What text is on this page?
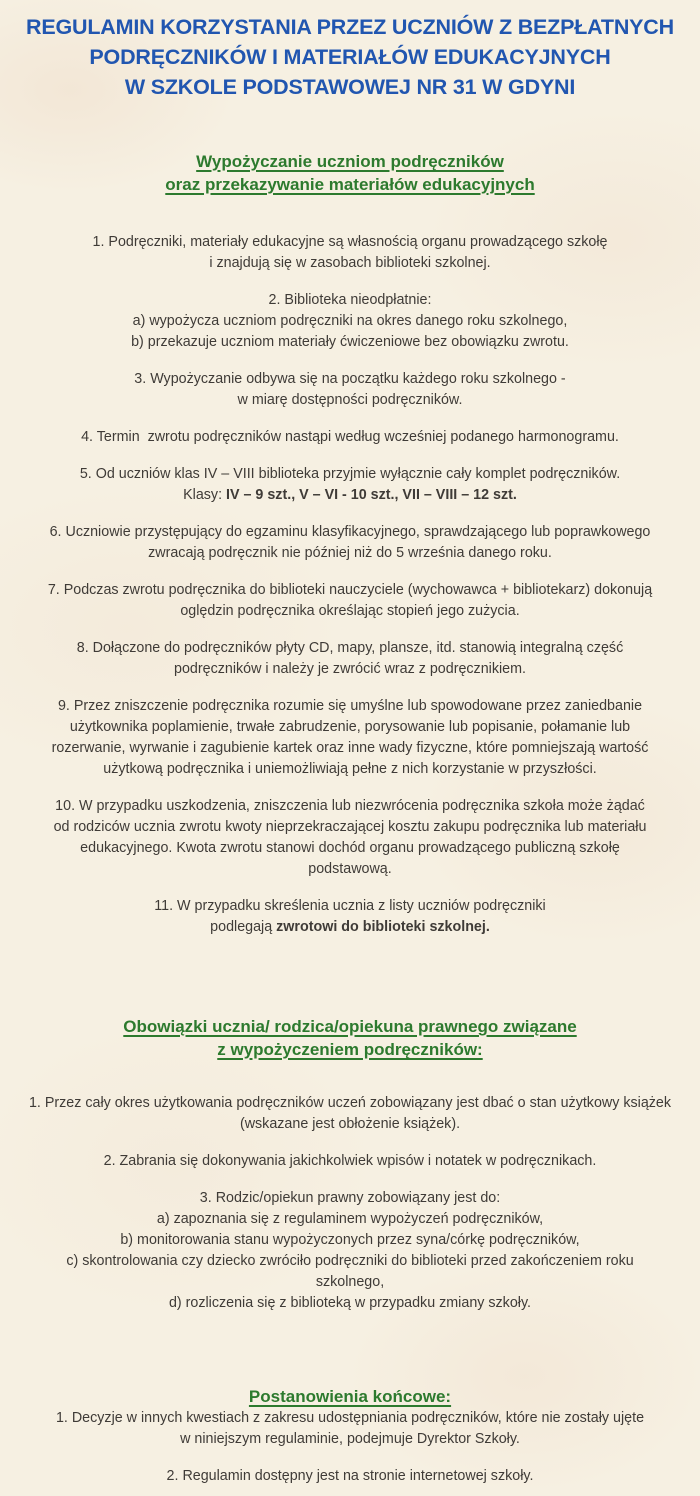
REGULAMIN KORZYSTANIA PRZEZ UCZNIÓW Z BEZPŁATNYCH
PODRĘCZNIKÓW I MATERIAŁÓW EDUKACYJNYCH
W SZKOLE PODSTAWOWEJ NR 31 W GDYNI
Wypożyczanie uczniom podręczników
oraz przekazywanie materiałów edukacyjnych

1. Podręczniki, materiały edukacyjne są własnością organu prowadzącego szkołę
i znajdują się w zasobach biblioteki szkolnej.

2. Biblioteka nieodpłatnie:
a) wypożycza uczniom podręczniki na okres danego roku szkolnego,
b) przekazuje uczniom materiały ćwiczeniowe bez obowiązku zwrotu.

3. Wypożyczanie odbywa się na początku każdego roku szkolnego -
w miarę dostępności podręczników.

4. Termin  zwrotu podręczników nastąpi według wcześniej podanego harmonogramu.

5. Od uczniów klas IV – VIII biblioteka przyjmie wyłącznie cały komplet podręczników.
Klasy: IV – 9 szt., V – VI - 10 szt., VII – VIII – 12 szt.

6. Uczniowie przystępujący do egzaminu klasyfikacyjnego, sprawdzającego lub poprawkowego
zwracają podręcznik nie później niż do 5 września danego roku.

7. Podczas zwrotu podręcznika do biblioteki nauczyciele (wychowawca + bibliotekarz) dokonują
oględzin podręcznika określając stopień jego zużycia.

8. Dołączone do podręczników płyty CD, mapy, plansze, itd. stanowią integralną część
podręczników i należy je zwrócić wraz z podręcznikiem.

9. Przez zniszczenie podręcznika rozumie się umyślne lub spowodowane przez zaniedbanie
użytkownika poplamienie, trwałe zabrudzenie, porysowanie lub popisanie, połamanie lub
rozerwanie, wyrwanie i zagubienie kartek oraz inne wady fizyczne, które pomniejszają wartość
użytkową podręcznika i uniemożliwiają pełne z nich korzystanie w przyszłości.

10. W przypadku uszkodzenia, zniszczenia lub niezwrócenia podręcznika szkoła może żądać
od rodziców ucznia zwrotu kwoty nieprzekraczającej kosztu zakupu podręcznika lub materiału
edukacyjnego. Kwota zwrotu stanowi dochód organu prowadzącego publiczną szkołę
podstawową.

11. W przypadku skreślenia ucznia z listy uczniów podręczniki
podlegają zwrotowi do biblioteki szkolnej.

Obowiązki ucznia/ rodzica/opiekuna prawnego związane
z wypożyczeniem podręczników:

1. Przez cały okres użytkowania podręczników uczeń zobowiązany jest dbać o stan użytkowy książek
(wskazane jest obłożenie książek).

2. Zabrania się dokonywania jakichkolwiek wpisów i notatek w podręcznikach.

3. Rodzic/opiekun prawny zobowiązany jest do:
a) zapoznania się z regulaminem wypożyczeń podręczników,
b) monitorowania stanu wypożyczonych przez syna/córkę podręczników,
c) skontrolowania czy dziecko zwróciło podręczniki do biblioteki przed zakończeniem roku
szkolnego,
d) rozliczenia się z biblioteką w przypadku zmiany szkoły.

Postanowienia końcowe:

1. Decyzje w innych kwestiach z zakresu udostępniania podręczników, które nie zostały ujęte
w niniejszym regulaminie, podejmuje Dyrektor Szkoły.

2. Regulamin dostępny jest na stronie internetowej szkoły.
